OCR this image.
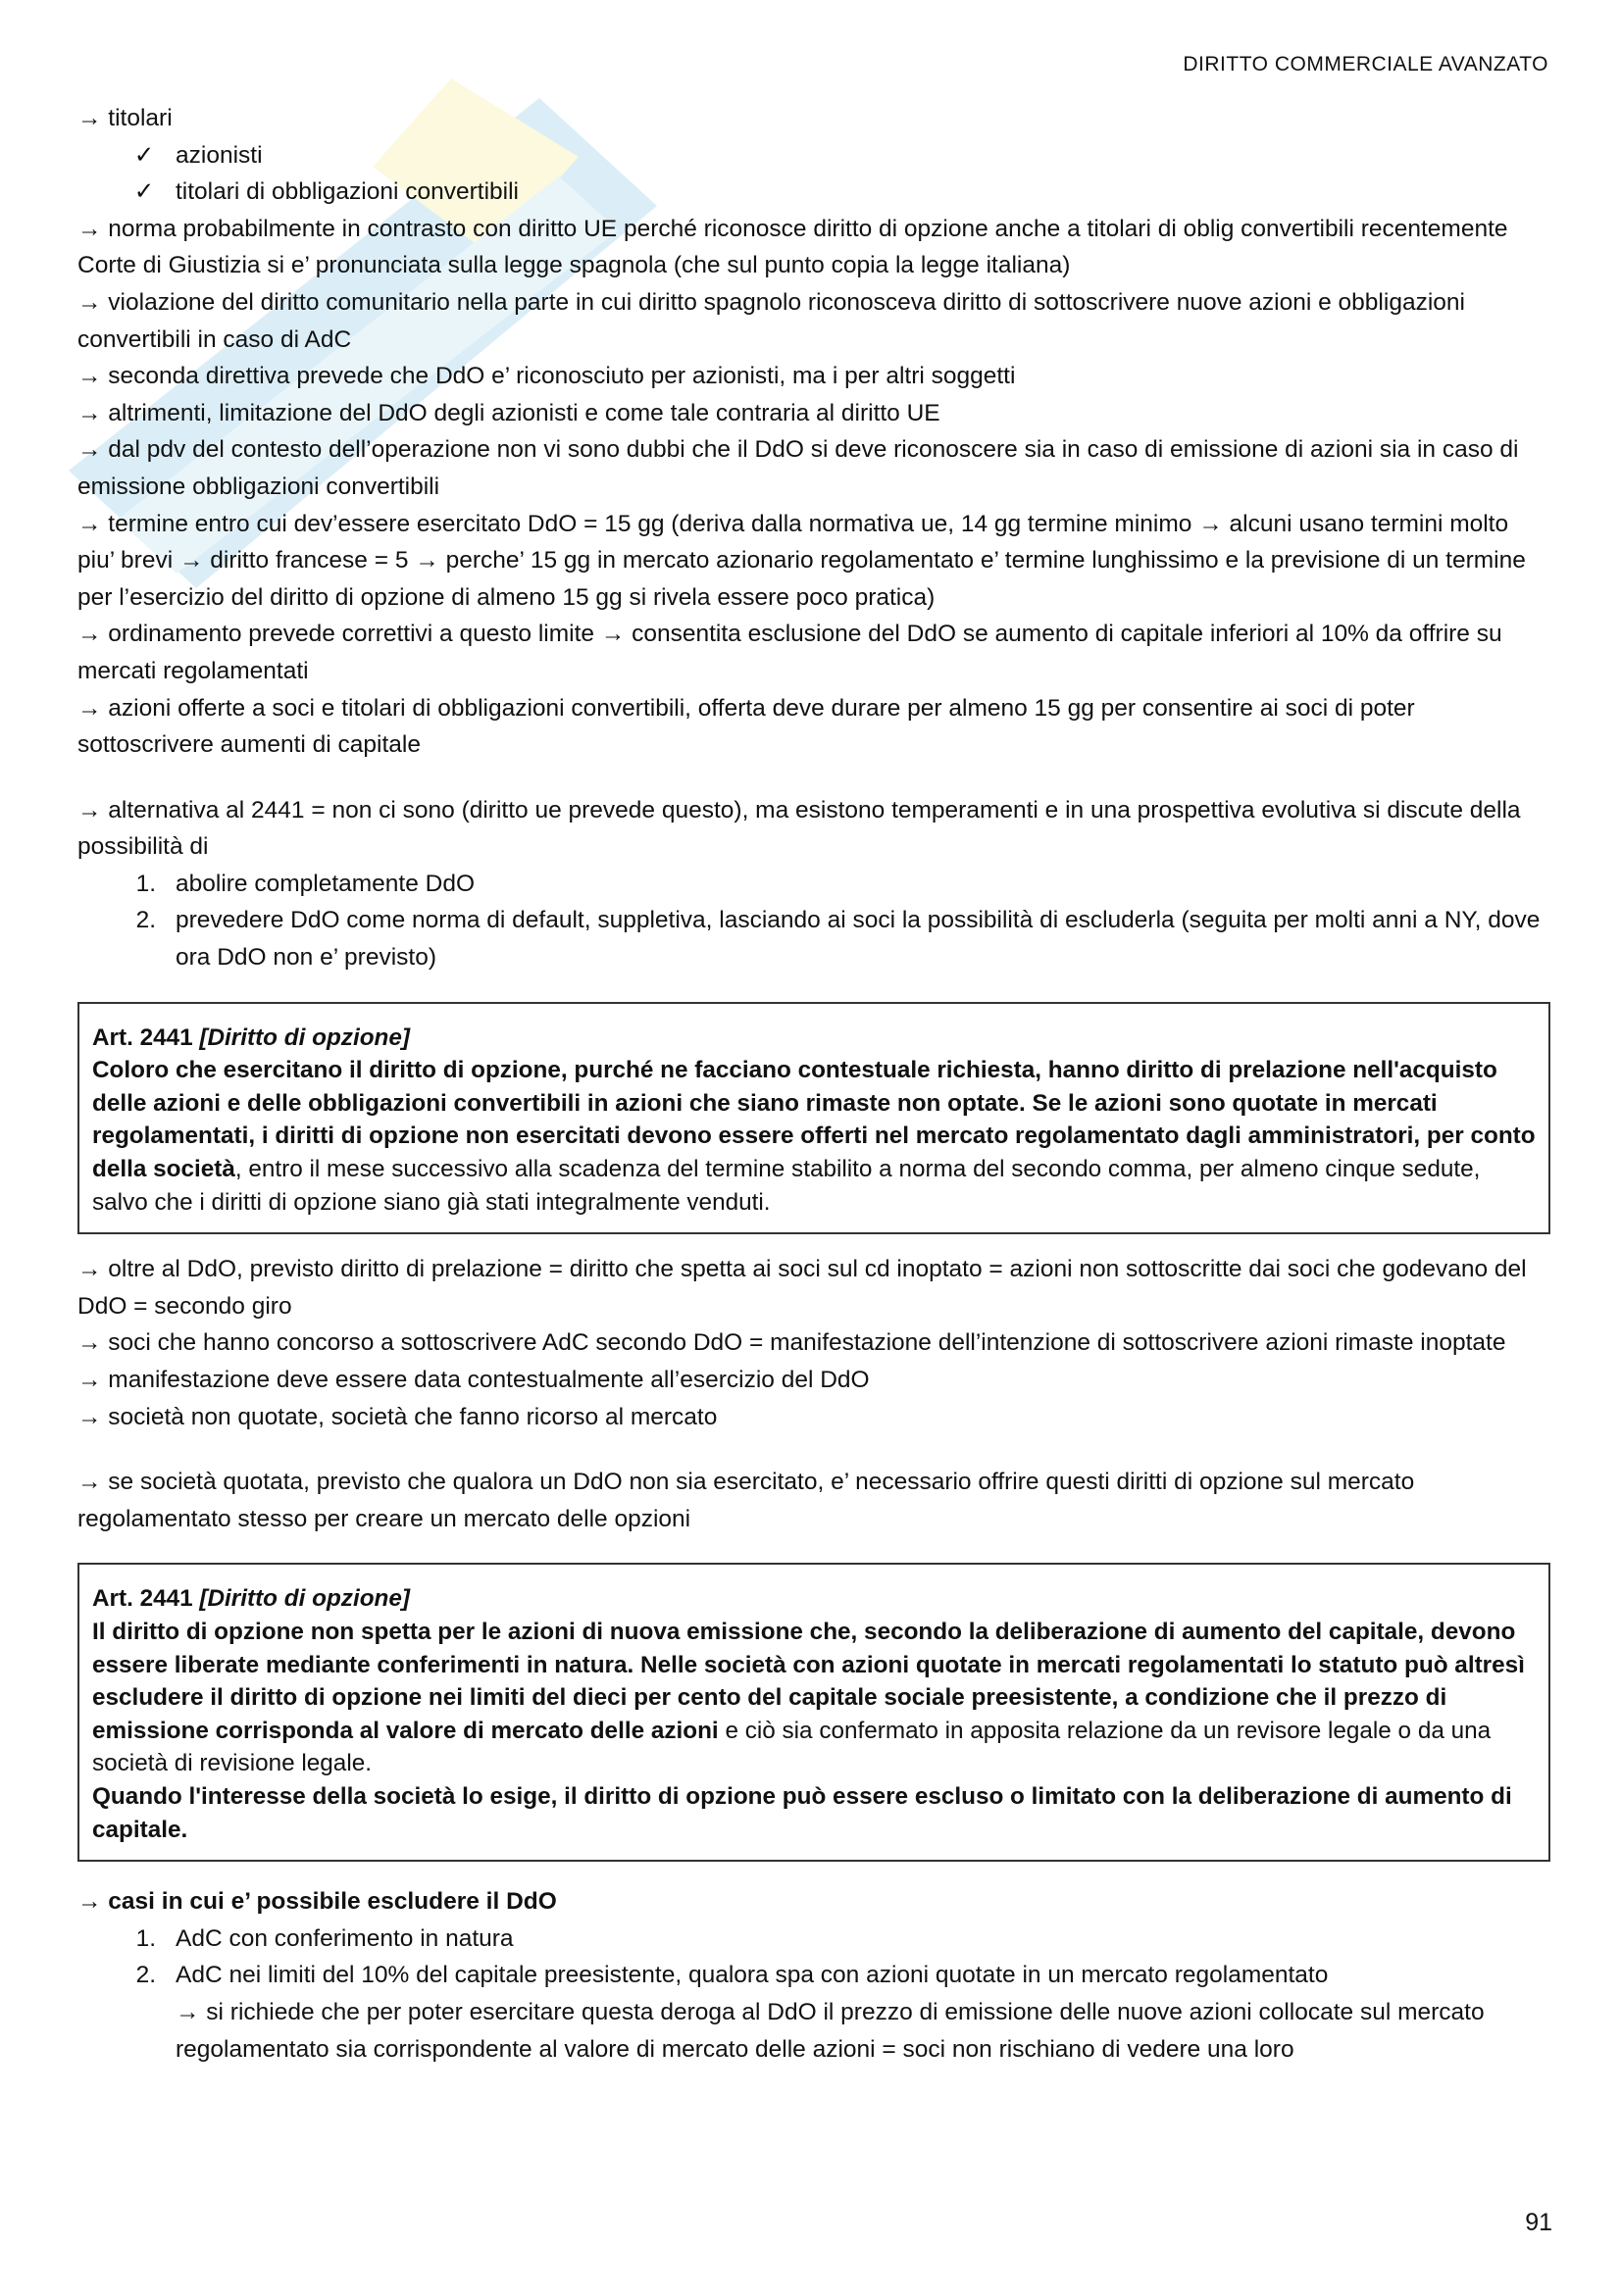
DIRITTO COMMERCIALE AVANZATO

→ titolari

✓ azionisti
✓ titolari di obbligazioni convertibili

→ norma probabilmente in contrasto con diritto UE perché riconosce diritto di opzione anche a titolari di oblig convertibili recentemente Corte di Giustizia si e’ pronunciata sulla legge spagnola (che sul punto copia la legge italiana)

→ violazione del diritto comunitario nella parte in cui diritto spagnolo riconosceva diritto di sottoscrivere nuove azioni e obbligazioni convertibili in caso di AdC

→ seconda direttiva prevede che DdO e’ riconosciuto per azionisti, ma i per altri soggetti

→ altrimenti, limitazione del DdO degli azionisti e come tale contraria al diritto UE

→ dal pdv del contesto dell’operazione non vi sono dubbi che il DdO si deve riconoscere sia in caso di emissione di azioni sia in caso di emissione obbligazioni convertibili

→ termine entro cui dev’essere esercitato DdO = 15 gg (deriva dalla normativa ue, 14 gg termine minimo → alcuni usano termini molto piu’ brevi → diritto francese = 5 → perche’ 15 gg in mercato azionario regolamentato e’ termine lunghissimo e la previsione di un termine per l’esercizio del diritto di opzione di almeno 15 gg si rivela essere poco pratica)

→ ordinamento prevede correttivi a questo limite → consentita esclusione del DdO se aumento di capitale inferiori al 10% da offrire su mercati regolamentati

→ azioni offerte a soci e titolari di obbligazioni convertibili, offerta deve durare per almeno 15 gg per consentire ai soci di poter sottoscrivere aumenti di capitale

→ alternativa al 2441 = non ci sono (diritto ue prevede questo), ma esistono temperamenti e in una prospettiva evolutiva si discute della possibilità di

1. abolire completamente DdO
2. prevedere DdO come norma di default, suppletiva, lasciando ai soci la possibilità di escluderla (seguita per molti anni a NY, dove ora DdO non e’ previsto)
Art. 2441 [Diritto di opzione]
Coloro che esercitano il diritto di opzione, purché ne facciano contestuale richiesta, hanno diritto di prelazione nell'acquisto delle azioni e delle obbligazioni convertibili in azioni che siano rimaste non optate. Se le azioni sono quotate in mercati regolamentati, i diritti di opzione non esercitati devono essere offerti nel mercato regolamentato dagli amministratori, per conto della società, entro il mese successivo alla scadenza del termine stabilito a norma del secondo comma, per almeno cinque sedute, salvo che i diritti di opzione siano già stati integralmente venduti.

→ oltre al DdO, previsto diritto di prelazione = diritto che spetta ai soci sul cd inoptato = azioni non sottoscritte dai soci che godevano del DdO = secondo giro

→ soci che hanno concorso a sottoscrivere AdC secondo DdO = manifestazione dell’intenzione di sottoscrivere azioni rimaste inoptate

→ manifestazione deve essere data contestualmente all’esercizio del DdO

→ società non quotate, società che fanno ricorso al mercato

→ se società quotata, previsto che qualora un DdO non sia esercitato, e’ necessario offrire questi diritti di opzione sul mercato regolamentato stesso per creare un mercato delle opzioni

Art. 2441 [Diritto di opzione]
Il diritto di opzione non spetta per le azioni di nuova emissione che, secondo la deliberazione di aumento del capitale, devono essere liberate mediante conferimenti in natura. Nelle società con azioni quotate in mercati regolamentati lo statuto può altresì escludere il diritto di opzione nei limiti del dieci per cento del capitale sociale preesistente, a condizione che il prezzo di emissione corrisponda al valore di mercato delle azioni e ciò sia confermato in apposita relazione da un revisore legale o da una società di revisione legale.
Quando l'interesse della società lo esige, il diritto di opzione può essere escluso o limitato con la deliberazione di aumento di capitale.

→ casi in cui e’ possibile escludere il DdO

1. AdC con conferimento in natura
2. AdC nei limiti del 10% del capitale preesistente, qualora spa con azioni quotate in un mercato regolamentato
→ si richiede che per poter esercitare questa deroga al DdO il prezzo di emissione delle nuove azioni collocate sul mercato regolamentato sia corrispondente al valore di mercato delle azioni = soci non rischiano di vedere una loro
91
